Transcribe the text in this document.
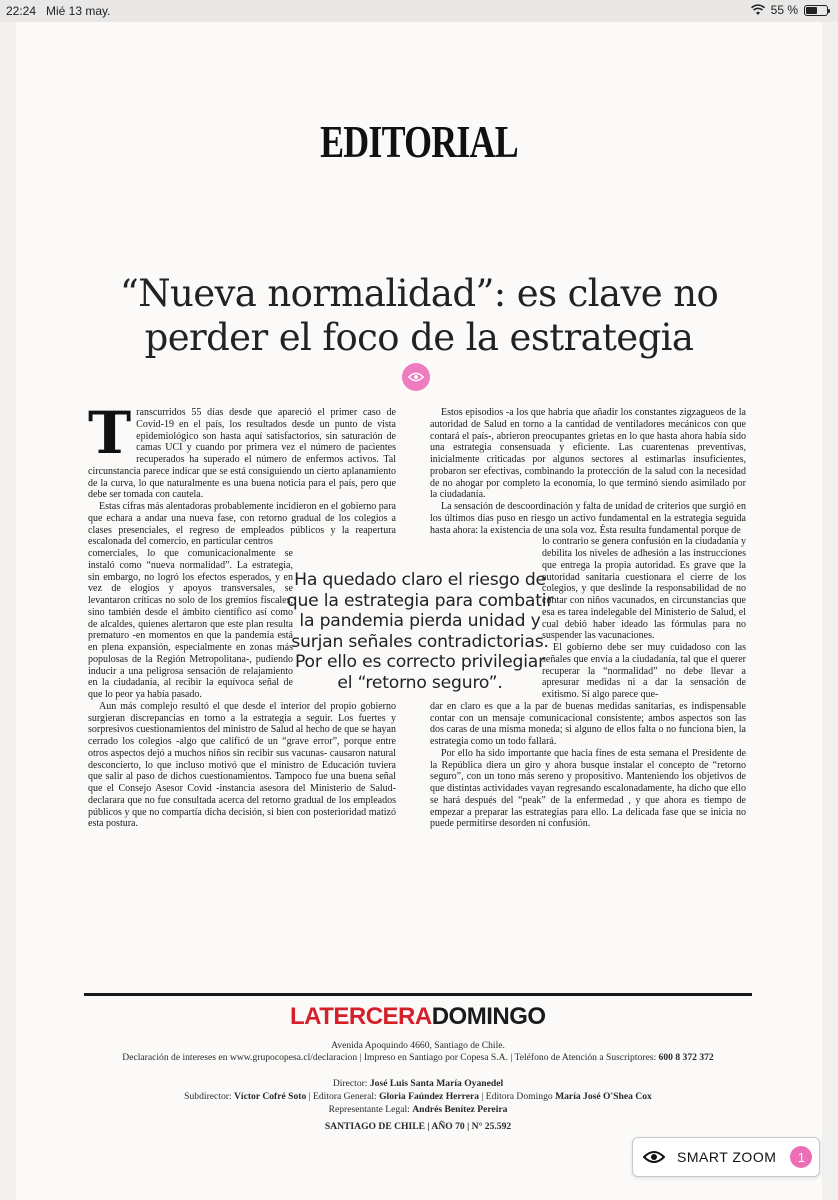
22:24 Mié 13 may.	55 %
EDITORIAL
“Nueva normalidad”: es clave no
perder el foco de la estrategia

Transcurridos 55 días desde que apareció el primer caso de Covid-19 en el país, los resultados desde un punto de vista epidemiológico son hasta aquí satisfactorios, sin saturación de camas UCI y cuando por primera vez el número de pacientes recuperados ha superado el número de enfermos activos. Tal circunstancia parece indicar que se está consiguiendo un cierto aplanamiento de la curva, lo que naturalmente es una buena noticia para el país, pero que debe ser tomada con cautela.

Estas cifras más alentadoras probablemente incidieron en el gobierno para que echara a andar una nueva fase, con retorno gradual de los colegios a clases presenciales, el regreso de empleados públicos y la reapertura escalonada del comercio, en particular centros

comerciales, lo que comunicacionalmente se instaló como “nueva normalidad”. La estrategia, sin embargo, no logró los efectos esperados, y en vez de elogios y apoyos transversales, se levantaron críticas no solo de los gremios fiscales, sino también desde el ámbito científico así como de alcaldes, quienes alertaron que este plan resulta prematuro -en momentos en que la pandemia está en plena expansión, especialmente en zonas más populosas de la Región Metropolitana-, pudiendo inducir a una peligrosa sensación de relajamiento en la ciudadanía, al recibir la equívoca señal de que lo peor ya había pasado.

Aun más complejo resultó el que desde el interior del propio gobierno surgieran discrepancias en torno a la estrategia a seguir. Los fuertes y sorpresivos cuestionamientos del ministro de Salud al hecho de que se hayan cerrado los colegios -algo que calificó de un “grave error”, porque entre otros aspectos dejó a muchos niños sin recibir sus vacunas- causaron natural desconcierto, lo que incluso motivó que el ministro de Educación tuviera que salir al paso de dichos cuestionamientos. Tampoco fue una buena señal que el Consejo Asesor Covid -instancia asesora del Ministerio de Salud- declarara que no fue consultada acerca del retorno gradual de los empleados públicos y que no compartía dicha decisión, si bien con posterioridad matizó esta postura.

Ha quedado claro el riesgo de que la estrategia para combatir la pandemia pierda unidad y surjan señales contradictorias. Por ello es correcto privilegiar el “retorno seguro”.

Estos episodios -a los que habría que añadir los constantes zigzagueos de la autoridad de Salud en torno a la cantidad de ventiladores mecánicos con que contará el país-, abrieron preocupantes grietas en lo que hasta ahora había sido una estrategia consensuada y eficiente. Las cuarentenas preventivas, inicialmente criticadas por algunos sectores al estimarlas insuficientes, probaron ser efectivas, combinando la protección de la salud con la necesidad de no ahogar por completo la economía, lo que terminó siendo asimilado por la ciudadanía.

La sensación de descoordinación y falta de unidad de criterios que surgió en los últimos días puso en riesgo un activo fundamental en la estrategia seguida hasta ahora: la existencia de una sola voz. Ésta resulta fundamental porque de

lo contrario se genera confusión en la ciudadanía y debilita los niveles de adhesión a las instrucciones que entrega la propia autoridad. Es grave que la autoridad sanitaria cuestionara el cierre de los colegios, y que deslinde la responsabilidad de no contar con niños vacunados, en circunstancias que esa es tarea indelegable del Ministerio de Salud, el cual debió haber ideado las fórmulas para no suspender las vacunaciones.

El gobierno debe ser muy cuidadoso con las señales que envía a la ciudadanía, tal que el querer recuperar la “normalidad” no debe llevar a apresurar medidas ni a dar la sensación de exitismo. Si algo parece que-

dar en claro es que a la par de buenas medidas sanitarias, es indispensable contar con un mensaje comunicacional consistente; ambos aspectos son las dos caras de una misma moneda; si alguno de ellos falta o no funciona bien, la estrategia como un todo fallará.

Por ello ha sido importante que hacia fines de esta semana el Presidente de la República diera un giro y ahora busque instalar el concepto de “retorno seguro”, con un tono más sereno y propositivo. Manteniendo los objetivos de que distintas actividades vayan regresando escalonadamente, ha dicho que ello se hará después del “peak” de la enfermedad , y que ahora es tiempo de empezar a preparar las estrategias para ello. La delicada fase que se inicia no puede permitirse desorden ni confusión.

LATERCERADOMINGO
Avenida Apoquindo 4660, Santiago de Chile.
Declaración de intereses en www.grupocopesa.cl/declaracion | Impreso en Santiago por Copesa S.A. | Teléfono de Atención a Suscriptores: 600 8 372 372
Director: José Luis Santa María Oyanedel
Subdirector: Víctor Cofré Soto | Editora General: Gloria Faúndez Herrera | Editora Domingo María José O'Shea Cox
Representante Legal: Andrés Benítez Pereira
SANTIAGO DE CHILE | AÑO 70 | N° 25.592
SMART ZOOM	1
